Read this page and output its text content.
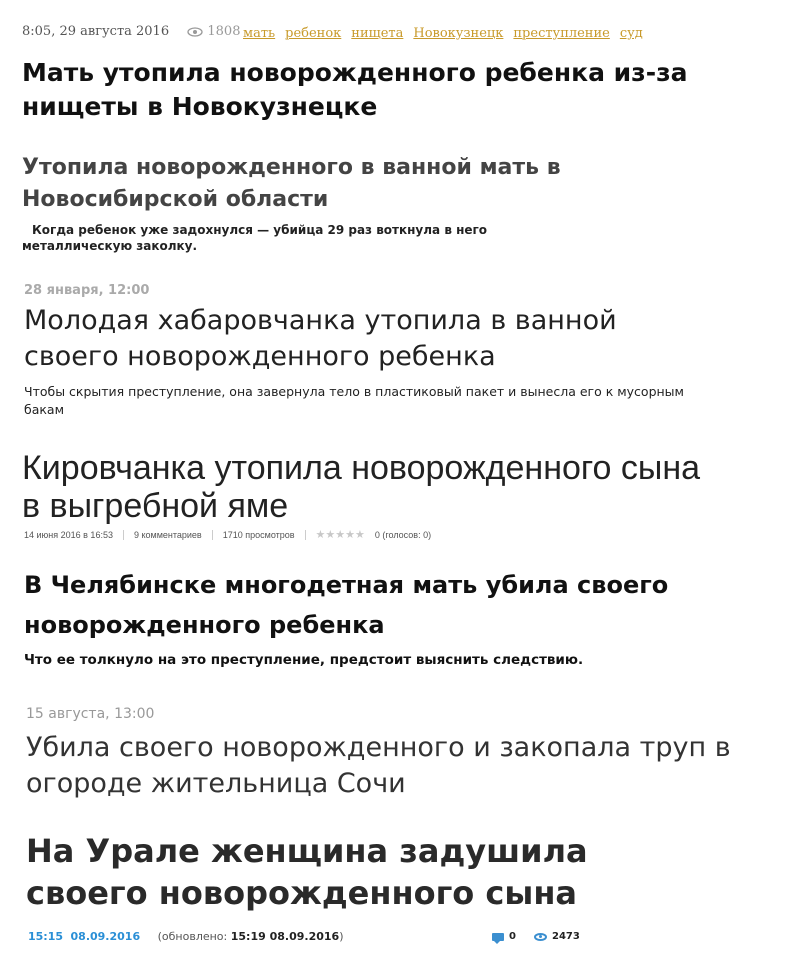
8:05, 29 августа 2016	1808 мать ребенок нищета Новокузнецк преступление суд
Мать утопила новорожденного ребенка из-за нищеты в Новокузнецке
Утопила новорожденного в ванной мать в Новосибирской области
Когда ребенок уже задохнулся — убийца 29 раз воткнула в него металлическую заколку.
28 января, 12:00
Молодая хабаровчанка утопила в ванной своего новорожденного ребенка
Чтобы скрытия преступление, она завернула тело в пластиковый пакет и вынесла его к мусорным бакам
Кировчанка утопила новорожденного сына в выгребной яме
14 июня 2016 в 16:53 9 комментариев 1710 просмотров ★★★★★ 0 (голосов: 0)
В Челябинске многодетная мать убила своего новорожденного ребенка
Что ее толкнуло на это преступление, предстоит выяснить следствию.
15 августа, 13:00
Убила своего новорожденного и закопала труп в огороде жительница Сочи
На Урале женщина задушила своего новорожденного сына
15:15 08.09.2016 (обновлено: 15:19 08.09.2016)	0	2473
